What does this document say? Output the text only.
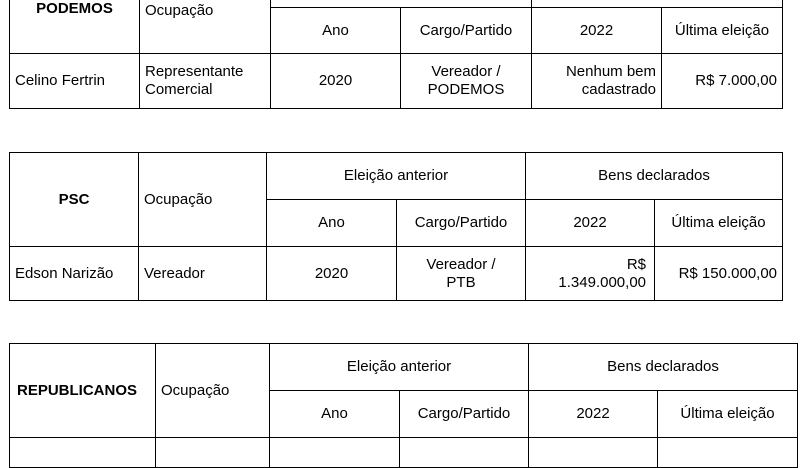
PODEMOS	Ocupação				
		Ano	Cargo/Partido	2022	Última eleição
Celino Fertrin	Representante Comercial	2020	Vereador / PODEMOS	Nenhum bem cadastrado	R$ 7.000,00
PSC	Ocupação	Eleição anterior		Bens declarados	
		Ano	Cargo/Partido	2022	Última eleição
Edson Narizão	Vereador	2020	Vereador / PTB	R$ 1.349.000,00	R$ 150.000,00
REPUBLICANOS	Ocupação	Eleição anterior		Bens declarados	
		Ano	Cargo/Partido	2022	Última eleição
